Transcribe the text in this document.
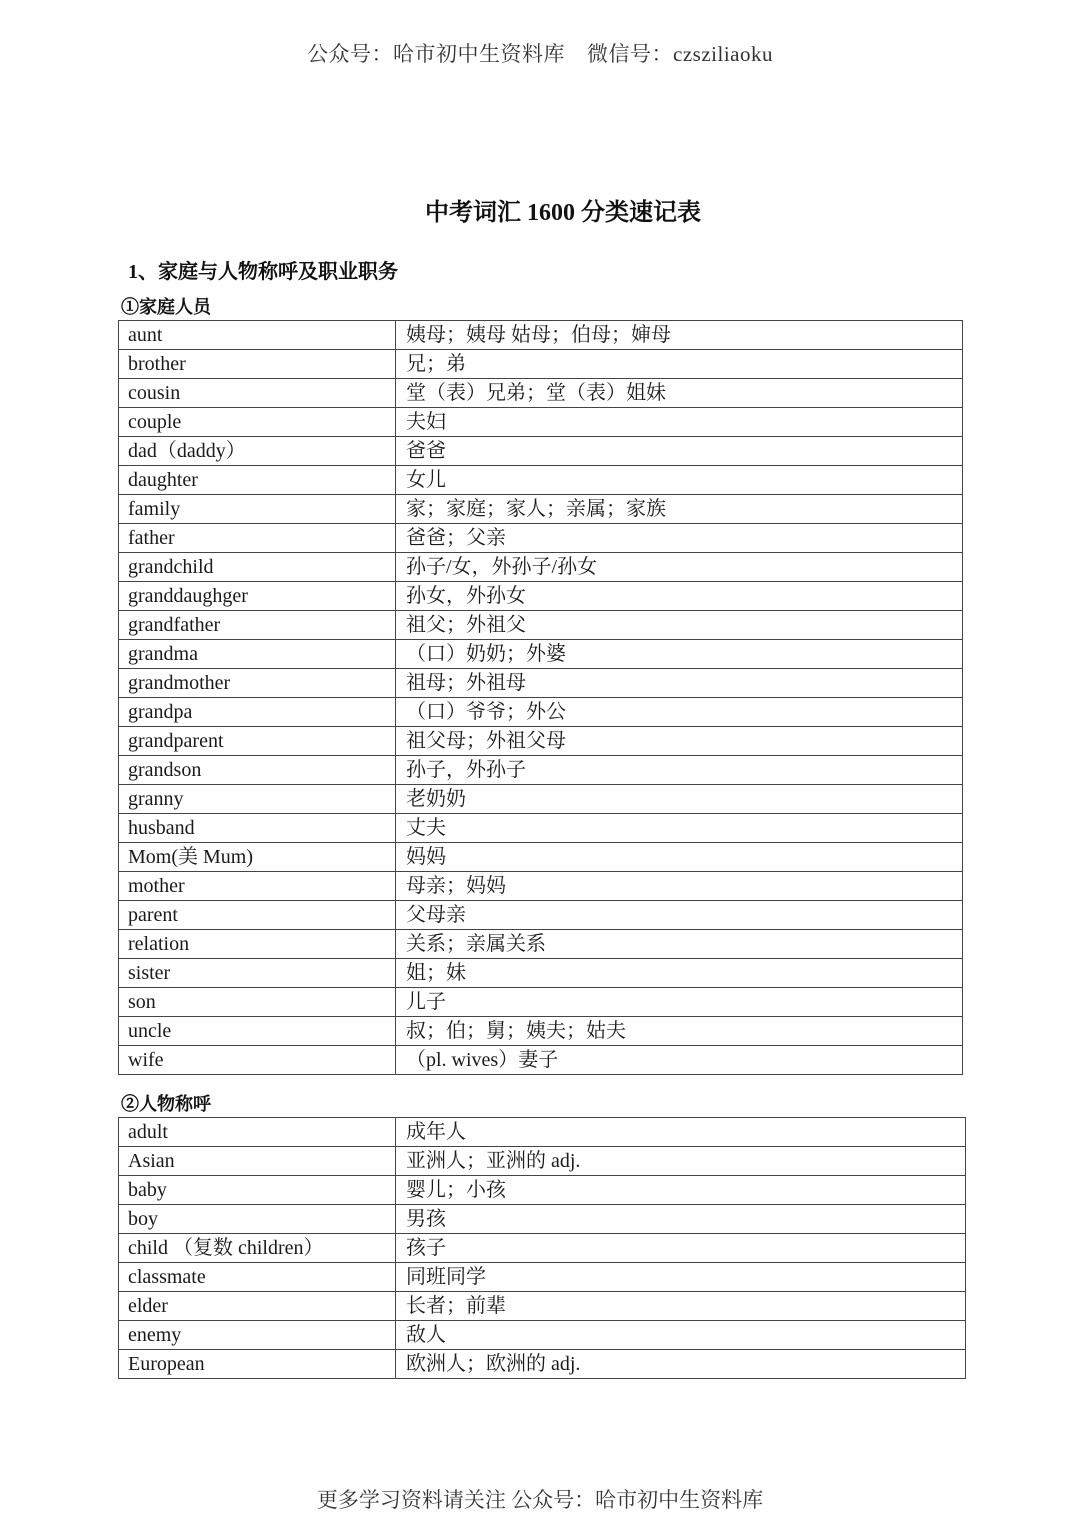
公众号：哈市初中生资料库 微信号：czsziliaoku
中考词汇 1600 分类速记表
1、家庭与人物称呼及职业职务
①家庭人员
aunt	姨母；姨母 姑母；伯母；婶母
brother	兄；弟
cousin	堂（表）兄弟；堂（表）姐妹
couple	夫妇
dad（daddy）	爸爸
daughter	女儿
family	家；家庭；家人；亲属；家族
father	爸爸；父亲
grandchild	孙子/女，外孙子/孙女
granddaughger	孙女，外孙女
grandfather	祖父；外祖父
grandma	（口）奶奶；外婆
grandmother	祖母；外祖母
grandpa	（口）爷爷；外公
grandparent	祖父母；外祖父母
grandson	孙子，外孙子
granny	老奶奶
husband	丈夫
Mom(美 Mum)	妈妈
mother	母亲；妈妈
parent	父母亲
relation	关系；亲属关系
sister	姐；妹
son	儿子
uncle	叔；伯；舅；姨夫；姑夫
wife	（pl. wives）妻子
②人物称呼
adult	成年人
Asian	亚洲人；亚洲的 adj.
baby	婴儿；小孩
boy	男孩
child （复数 children）	孩子
classmate	同班同学
elder	长者；前辈
enemy	敌人
European	欧洲人；欧洲的 adj.
更多学习资料请关注 公众号：哈市初中生资料库
